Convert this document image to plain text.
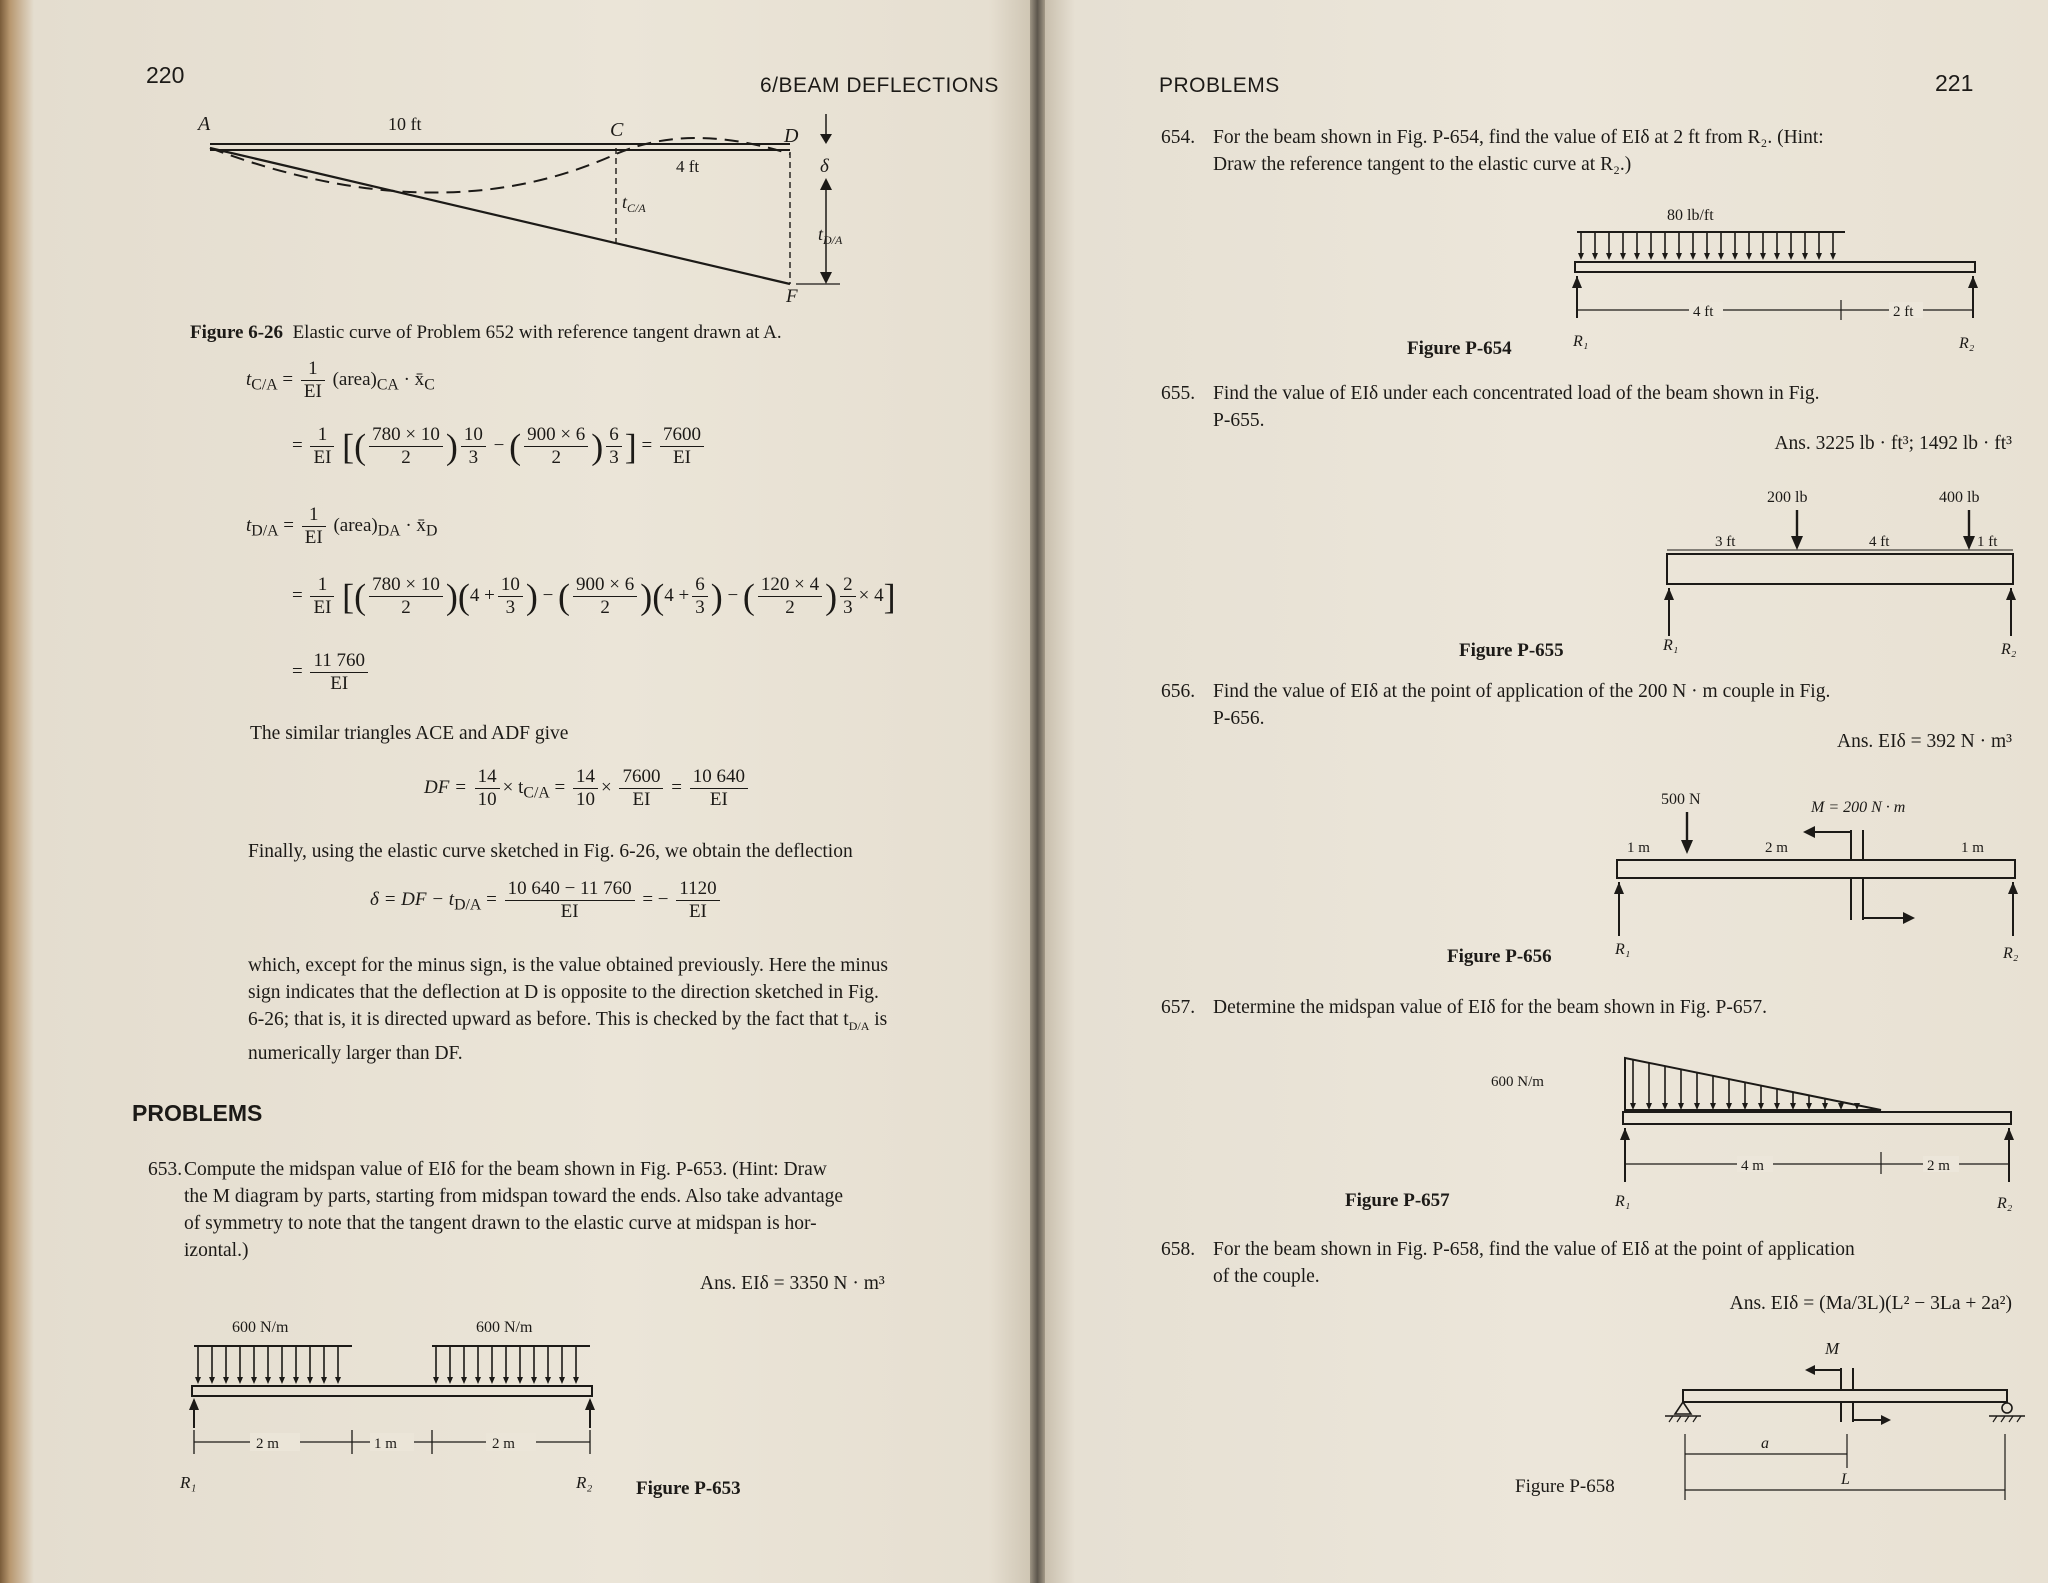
220	6/BEAM DEFLECTIONS
A	10 ft	C	D
$t_{C/A}$
4 ft	δ
$t_{D/A}$
F
Figure 6-26 Elastic curve of Problem 652 with reference tangent drawn at A.
$t_{C/A} = \frac{1}{EI}$ $(area)_{CA}$ · $x̄_C$
= $\frac{1}{EI}$ [( $\frac{780 \times 10}{2}$ ) $\frac{10}{3}$ − ( $\frac{900 \times 6}{2}$ ) $\frac{6}{3}$ ] = $\frac{7600}{EI}$
$t_{D/A} = \frac{1}{EI}$ $(area)_{DA}$ · $x̄_D$
= $\frac{1}{EI}$ [( $\frac{780 \times 10}{2} )(4 + \frac{10}{3}$ ) − ( $\frac{900 \times 6}{2} )(4 + \frac{6}{3}$ ) − ( $\frac{120 \times 4}{2}$ ) $\frac{2}{3} \times 4$]
= $\frac{11 760}{EI}$
The similar triangles ACE and ADF give
DF = $\frac{14}{10} \times t_{C/A} = \frac{14}{10} \times \frac{7600}{EI} = \frac{10 640}{EI}$
Finally, using the elastic curve sketched in Fig. 6-26, we obtain the deflection
δ = DF − $t_{D/A} = \frac{10 640 - 11 760}{EI}$ = − $\frac{1120}{EI}$
which, except for the minus sign, is the value obtained previously. Here the minus
sign indicates that the deflection at D is opposite to the direction sketched in Fig.
6-26; that is, it is directed upward as before. This is checked by the fact that $t_{D/A}$ is
numerically larger than DF.
PROBLEMS
653. Compute the midspan value of EIδ for the beam shown in Fig. P-653. (Hint: Draw
the M diagram by parts, starting from midspan toward the ends. Also take advantage
of symmetry to note that the tangent drawn to the elastic curve at midspan is hor-
izontal.)
Ans. EIδ = 3350 N · m³
600 N/m	600 N/m
2 m	1 m	2 m
R₁	R₂ Figure P-653
PROBLEMS	221
654. For the beam shown in Fig. P-654, find the value of EIδ at 2 ft from R₂. (Hint:
Draw the reference tangent to the elastic curve at R₂.)
80 lb/ft
4 ft	2 ft
R₁	R₂
Figure P-654
655. Find the value of EIδ under each concentrated load of the beam shown in Fig.
P-655.
Ans. 3225 lb · ft³; 1492 lb · ft³
200 lb	400 lb
3 ft	4 ft	1 ft
R₁	R₂
Figure P-655
656. Find the value of EIδ at the point of application of the 200 N · m couple in Fig.
P-656.
Ans. EIδ = 392 N · m³
500 N	M = 200 N · m
1 m	2 m	1 m
R₁	R₂
Figure P-656
657. Determine the midspan value of EIδ for the beam shown in Fig. P-657.
600 N/m
4 m	2 m
R₁	R₂
Figure P-657
658. For the beam shown in Fig. P-658, find the value of EIδ at the point of application
of the couple.
Ans. EIδ = (Ma/3L)(L² − 3La + 2a²)
M
a
L
Figure P-658
